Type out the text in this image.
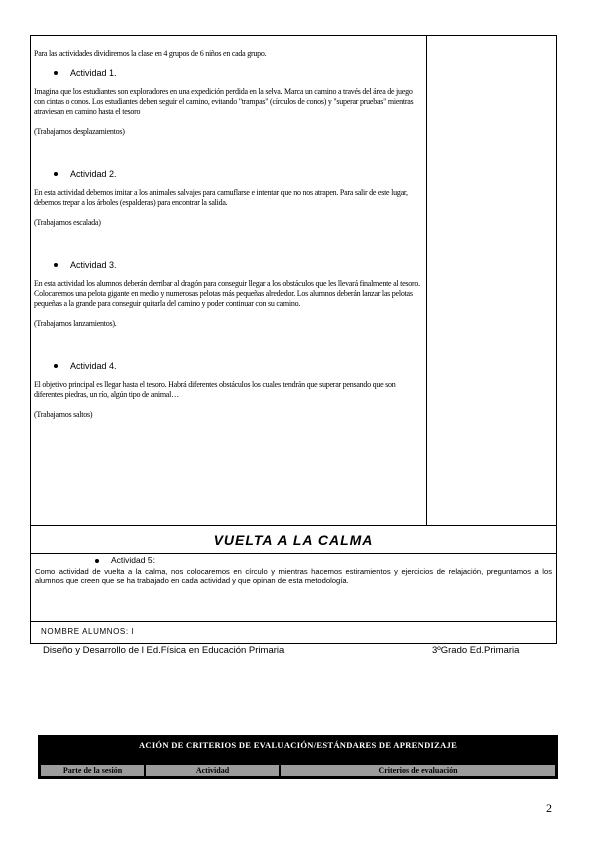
Para las actividades dividiremos la clase en 4 grupos de 6 niños en cada grupo.

Actividad 1.

Imagina que los estudiantes son exploradores en una expedición perdida en la selva. Marca un camino a través del área de juego con cintas o conos. Los estudiantes deben seguir el camino, evitando "trampas" (círculos de conos) y "superar pruebas" mientras atraviesan en camino hasta el tesoro

(Trabajamos desplazamientos)

Actividad 2.

En esta actividad debemos imitar a los animales salvajes para camuflarse e intentar que no nos atrapen. Para salir de este lugar, debemos trepar a los árboles (espalderas) para encontrar la salida.

(Trabajamos escalada)

Actividad 3.

En esta actividad los alumnos deberán derribar al dragón para conseguir llegar a los obstáculos que les llevará finalmente al tesoro. Colocaremos una pelota gigante en medio y numerosas pelotas más pequeñas alrededor. Los alumnos deberán lanzar las pelotas pequeñas a la grande para conseguir quitarla del camino y poder continuar con su camino.

(Trabajamos lanzamientos).

Actividad 4.

El objetivo principal es llegar hasta el tesoro. Habrá diferentes obstáculos los cuales tendrán que superar pensando que son diferentes piedras, un río, algún tipo de animal…

(Trabajamos saltos)

VUELTA A LA CALMA

Actividad 5:

Como actividad de vuelta a la calma, nos colocaremos en círculo y mientras hacemos estiramientos y ejercicios de relajación, preguntamos a los alumnos que creen que se ha trabajado en cada actividad y que opinan de esta metodología.

NOMBRE ALUMNOS: l
Diseño y Desarrollo de l Ed.Física en Educación Primaria	3ºGrado Ed.Primaria
ACIÓN DE CRITERIOS DE EVALUACIÓN/ESTÁNDARES DE APRENDIZAJE
Parte de la sesión	Actividad	Criterios de evaluación
2
